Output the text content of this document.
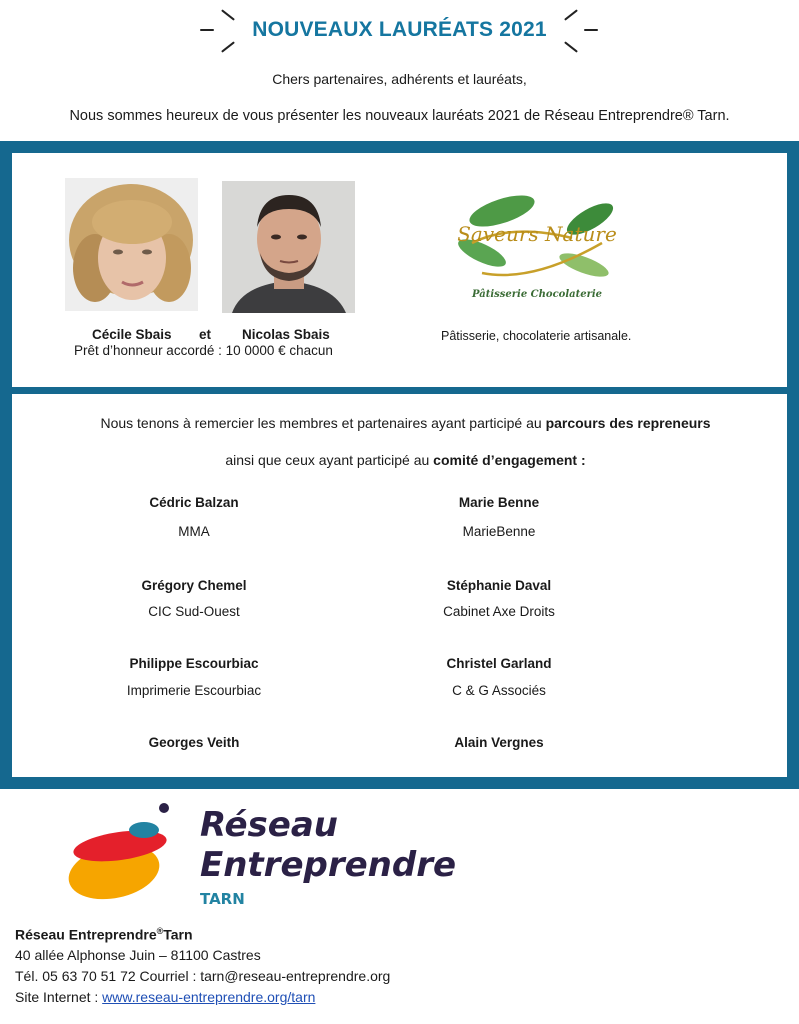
NOUVEAUX LAURÉATS 2021
Chers partenaires, adhérents et lauréats,
Nous sommes heureux de vous présenter les nouveaux lauréats 2021 de Réseau Entreprendre® Tarn.
Saveurs Nature
Pâtisserie Chocolaterie
Cécile Sbais et Nicolas Sbais
Prêt d’honneur accordé : 10 0000 € chacun
Pâtisserie, chocolaterie artisanale.
Nous tenons à remercier les membres et partenaires ayant participé au parcours des repreneurs
ainsi que ceux ayant participé au comité d’engagement :
Cédric Balzan
MMA
Marie Benne
MarieBenne
Grégory Chemel
CIC Sud-Ouest
Stéphanie Daval
Cabinet Axe Droits
Philippe Escourbiac
Imprimerie Escourbiac
Christel Garland
C & G Associés
Georges Veith	Alain Vergnes
Réseau
Entreprendre
TARN
Réseau Entreprendre®Tarn
40 allée Alphonse Juin – 81100 Castres
Tél. 05 63 70 51 72 Courriel : tarn@reseau-entreprendre.org
Site Internet : www.reseau-entreprendre.org/tarn
